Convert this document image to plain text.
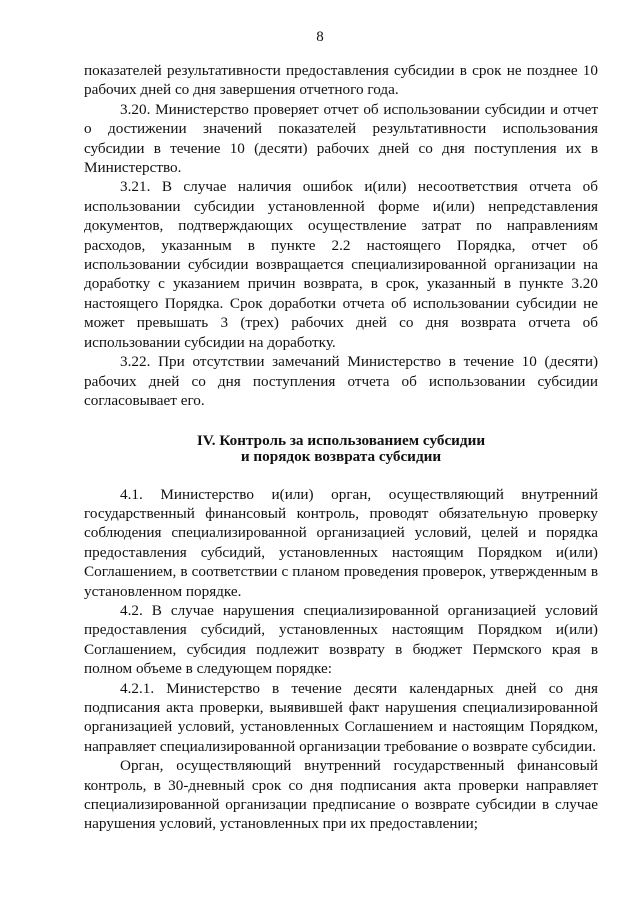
8

показателей результативности предоставления субсидии в срок не позднее 10 рабочих дней со дня завершения отчетного года.

3.20. Министерство проверяет отчет об использовании субсидии и отчет о достижении значений показателей результативности использования субсидии в течение 10 (десяти) рабочих дней со дня поступления их в Министерство.

3.21. В случае наличия ошибок и(или) несоответствия отчета об использовании субсидии установленной форме и(или) непредставления документов, подтверждающих осуществление затрат по направлениям расходов, указанным в пункте 2.2 настоящего Порядка, отчет об использовании субсидии возвращается специализированной организации на доработку с указанием причин возврата, в срок, указанный в пункте 3.20 настоящего Порядка. Срок доработки отчета об использовании субсидии не может превышать 3 (трех) рабочих дней со дня возврата отчета об использовании субсидии на доработку.

3.22. При отсутствии замечаний Министерство в течение 10 (десяти) рабочих дней со дня поступления отчета об использовании субсидии согласовывает его.

IV. Контроль за использованием субсидии
и порядок возврата субсидии

4.1. Министерство и(или) орган, осуществляющий внутренний государственный финансовый контроль, проводят обязательную проверку соблюдения специализированной организацией условий, целей и порядка предоставления субсидий, установленных настоящим Порядком и(или) Соглашением, в соответствии с планом проведения проверок, утвержденным в установленном порядке.

4.2. В случае нарушения специализированной организацией условий предоставления субсидий, установленных настоящим Порядком и(или) Соглашением, субсидия подлежит возврату в бюджет Пермского края в полном объеме в следующем порядке:

4.2.1. Министерство в течение десяти календарных дней со дня подписания акта проверки, выявившей факт нарушения специализированной организацией условий, установленных Соглашением и настоящим Порядком, направляет специализированной организации требование о возврате субсидии.

Орган, осуществляющий внутренний государственный финансовый контроль, в 30-дневный срок со дня подписания акта проверки направляет специализированной организации предписание о возврате субсидии в случае нарушения условий, установленных при их предоставлении;
